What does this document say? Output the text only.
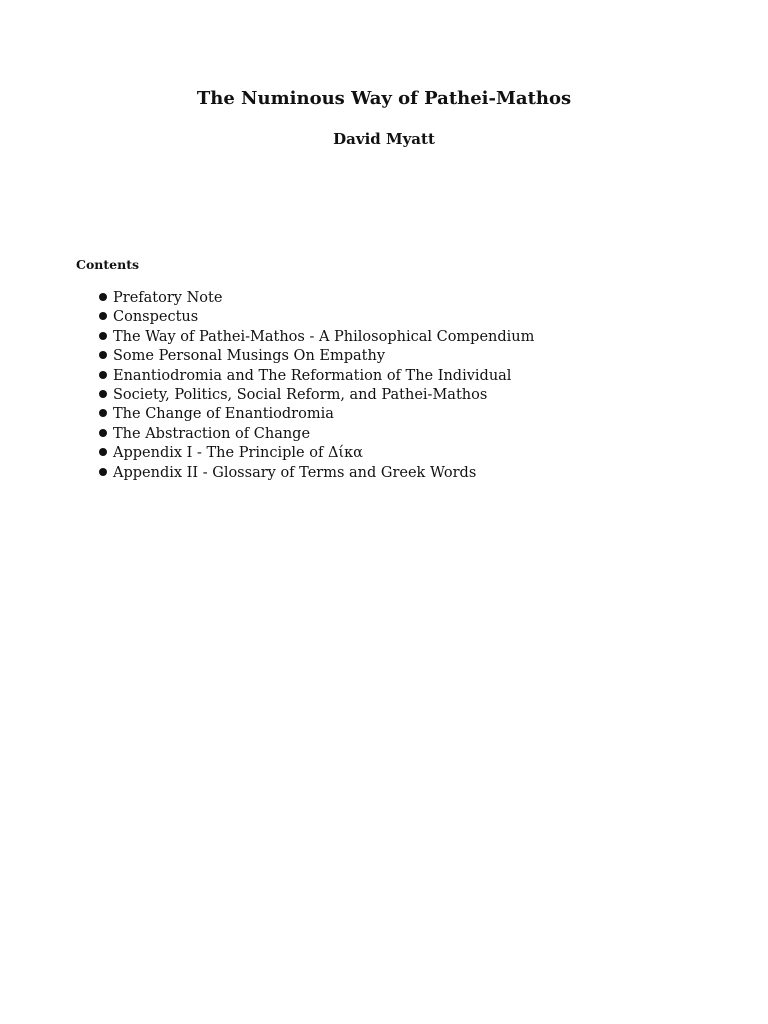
The Numinous Way of Pathei-Mathos
David Myatt
Contents
Prefatory Note
Conspectus
The Way of Pathei-Mathos - A Philosophical Compendium
Some Personal Musings On Empathy
Enantiodromia and The Reformation of The Individual
Society, Politics, Social Reform, and Pathei-Mathos
The Change of Enantiodromia
The Abstraction of Change
Appendix I - The Principle of Δίκα
Appendix II - Glossary of Terms and Greek Words
